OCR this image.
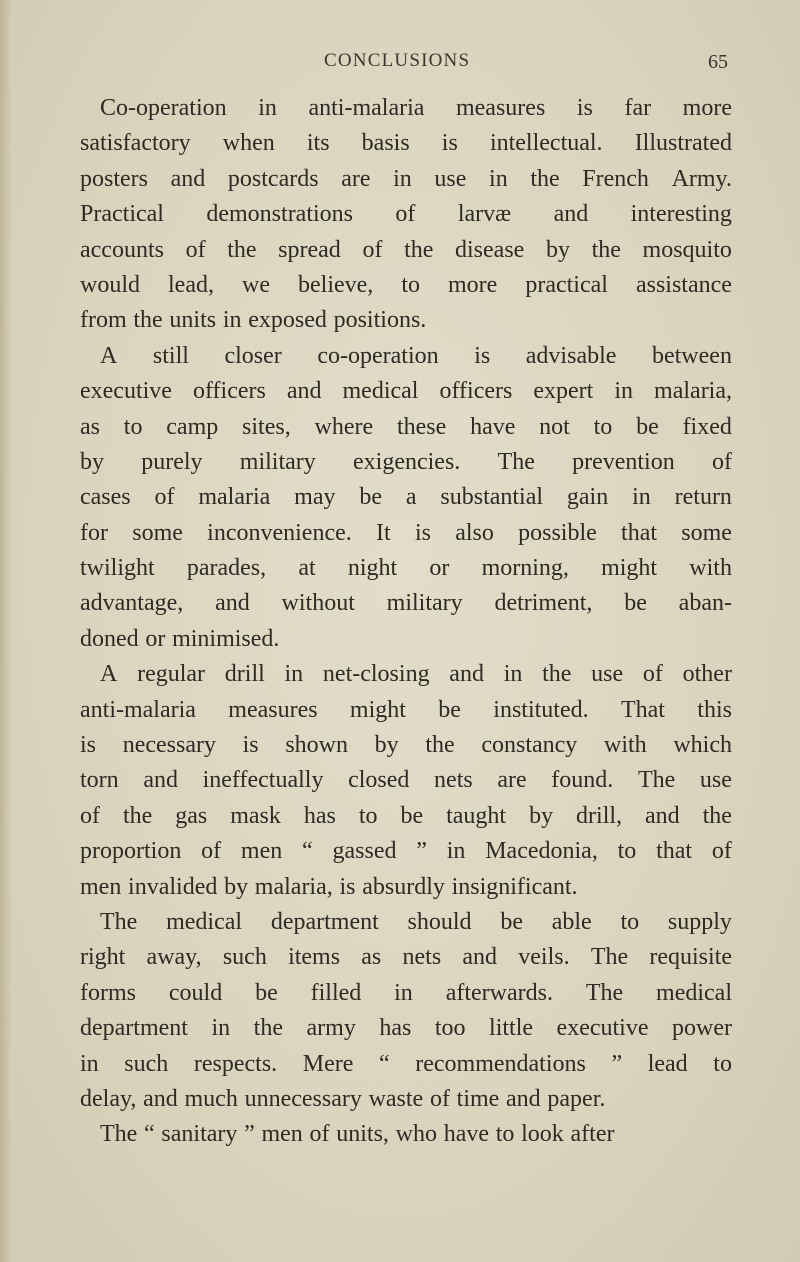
CONCLUSIONS	65
Co-operation in anti-malaria measures is far more
satisfactory when its basis is intellectual. Illustrated
posters and postcards are in use in the French Army.
Practical demonstrations of larvæ and interesting
accounts of the spread of the disease by the mosquito
would lead, we believe, to more practical assistance
from the units in exposed positions.
A still closer co-operation is advisable between
executive officers and medical officers expert in malaria,
as to camp sites, where these have not to be fixed
by purely military exigencies. The prevention of
cases of malaria may be a substantial gain in return
for some inconvenience. It is also possible that some
twilight parades, at night or morning, might with
advantage, and without military detriment, be aban-
doned or minimised.
A regular drill in net-closing and in the use of other
anti-malaria measures might be instituted. That this
is necessary is shown by the constancy with which
torn and ineffectually closed nets are found. The use
of the gas mask has to be taught by drill, and the
proportion of men “ gassed ” in Macedonia, to that of
men invalided by malaria, is absurdly insignificant.
The medical department should be able to supply
right away, such items as nets and veils. The requisite
forms could be filled in afterwards. The medical
department in the army has too little executive power
in such respects. Mere “ recommendations ” lead to
delay, and much unnecessary waste of time and paper.
The “ sanitary ” men of units, who have to look after
